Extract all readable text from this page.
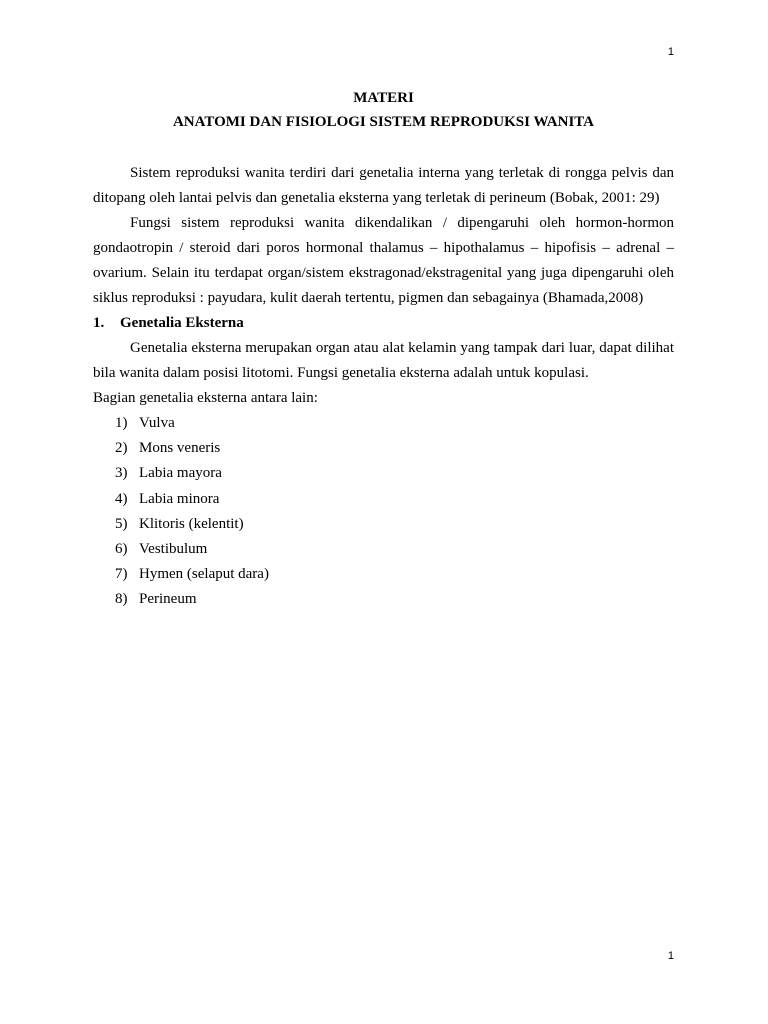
1

MATERI

ANATOMI DAN FISIOLOGI SISTEM REPRODUKSI WANITA

Sistem reproduksi wanita terdiri dari genetalia interna yang terletak di rongga pelvis dan ditopang oleh lantai pelvis dan genetalia eksterna yang terletak di perineum (Bobak, 2001: 29)

Fungsi sistem reproduksi wanita dikendalikan / dipengaruhi oleh hormon-hormon gondaotropin / steroid dari poros hormonal thalamus – hipothalamus – hipofisis – adrenal – ovarium. Selain itu terdapat organ/sistem ekstragonad/ekstragenital yang juga dipengaruhi oleh siklus reproduksi : payudara, kulit daerah tertentu, pigmen dan sebagainya (Bhamada,2008)

1. Genetalia Eksterna

Genetalia eksterna merupakan organ atau alat kelamin yang tampak dari luar, dapat dilihat bila wanita dalam posisi litotomi. Fungsi genetalia eksterna adalah untuk kopulasi.

Bagian genetalia eksterna antara lain:

1) Vulva
2) Mons veneris
3) Labia mayora
4) Labia minora
5) Klitoris (kelentit)
6) Vestibulum
7) Hymen (selaput dara)
8) Perineum
1
